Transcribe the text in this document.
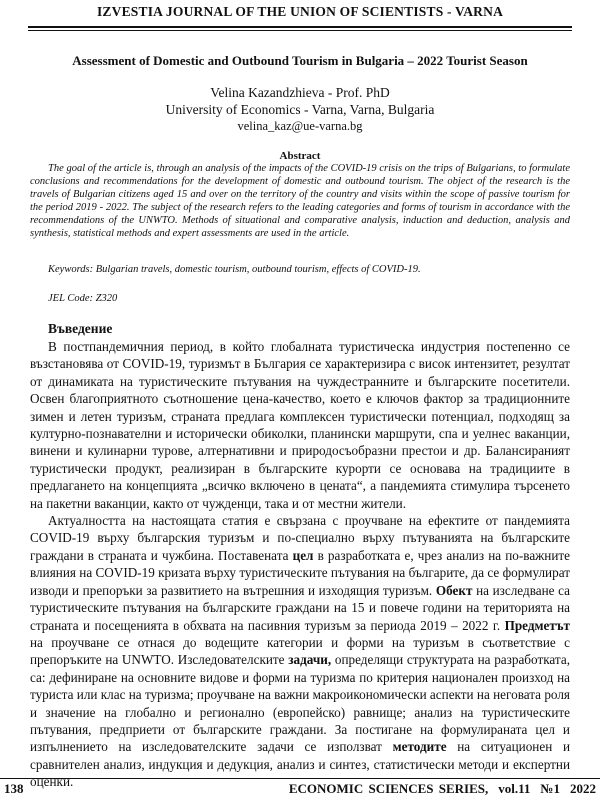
IZVESTIA JOURNAL OF THE UNION OF SCIENTISTS - VARNA
Assessment of Domestic and Outbound Tourism in Bulgaria – 2022 Tourist Season
Velina Kazandzhieva - Prof. PhD
University of Economics - Varna, Varna, Bulgaria
velina_kaz@ue-varna.bg
Abstract
The goal of the article is, through an analysis of the impacts of the COVID-19 crisis on the trips of Bulgarians, to formulate conclusions and recommendations for the development of domestic and outbound tourism. The object of the research is the travels of Bulgarian citizens aged 15 and over on the territory of the country and visits within the scope of passive tourism for the period 2019 - 2022. The subject of the research refers to the leading categories and forms of tourism in accordance with the recommendations of the UNWTO. Methods of situational and comparative analysis, induction and deduction, analysis and synthesis, statistical methods and expert assessments are used in the article.
Keywords: Bulgarian travels, domestic tourism, outbound tourism, effects of COVID-19.
JEL Code: Z320
Въведение

В постпандемичния период, в който глобалната туристическа индустрия постепенно се възстановява от COVID-19, туризмът в България се характеризира с висок интензитет, резултат от динамиката на туристическите пътувания на чуждестранните и българските посетители. Освен благоприятното съотношение цена-качество, което е ключов фактор за традиционните зимен и летен туризъм, страната предлага комплексен туристически потенциал, подходящ за културно-познавателни и исторически обиколки, планински маршрути, спа и уелнес ваканции, винени и кулинарни турове, алтернативни и природосъобразни престои и др. Балансираният туристически продукт, реализиран в българските курорти се основава на традициите в предлагането на концепцията „всичко включено в цената“, а пандемията стимулира търсенето на пакетни ваканции, както от чужденци, така и от местни жители.

Актуалността на настоящата статия е свързана с проучване на ефектите от пандемията COVID-19 върху българския туризъм и по-специално върху пътуванията на българските граждани в страната и чужбина. Поставената цел в разработката е, чрез анализ на по-важните влияния на COVID-19 кризата върху туристическите пътувания на българите, да се формулират изводи и препоръки за развитието на вътрешния и изходящия туризъм. Обект на изследване са туристическите пътувания на българските граждани на 15 и повече години на територията на страната и посещенията в обхвата на пасивния туризъм за периода 2019 – 2022 г. Предметът на проучване се отнася до водещите категории и форми на туризъм в съответствие с препоръките на UNWTO. Изследователските задачи, определящи структурата на разработката, са: дефиниране на основните видове и форми на туризма по критерия национален произход на туриста или клас на туризма; проучване на важни макроикономически аспекти на неговата роля и значение на глобално и регионално (европейско) равнище; анализ на туристическите пътувания, предприети от българските граждани. За постигане на формулираната цел и изпълнението на изследователските задачи се използват методите на ситуационен и сравнителен анализ, индукция и дедукция, анализ и синтез, статистически методи и експертни оценки.

138	ECONOMIC SCIENCES SERIES, vol.11 №1 2022
